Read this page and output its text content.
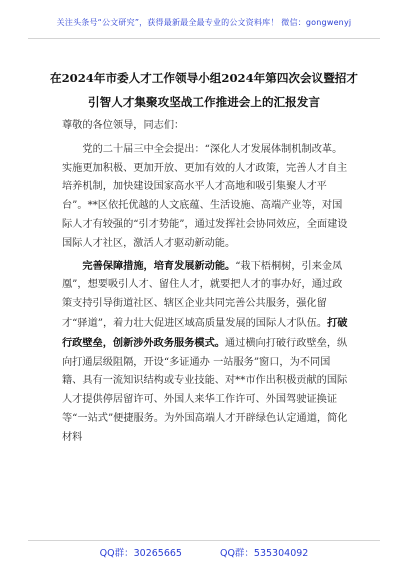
关注头条号“公文研究”，获得最新最全最专业的公文资料库！ 微信：gongwenyj
在2024年市委人才工作领导小组2024年第四次会议暨招才
引智人才集聚攻坚战工作推进会上的汇报发言

尊敬的各位领导，同志们：

党的二十届三中全会提出：“深化人才发展体制机制改革。实施更加积极、更加开放、更加有效的人才政策，完善人才自主培养机制，加快建设国家高水平人才高地和吸引集聚人才平台”。**区依托优越的人文底蕴、生活设施、高端产业等，对国际人才有较强的“引才势能”，通过发挥社会协同效应，全面建设国际人才社区，激活人才驱动新动能。

完善保障措施，培育发展新动能。“栽下梧桐树，引来金凤凰”，想要吸引人才、留住人才，就要把人才的事办好，通过政策支持引导街道社区、辖区企业共同完善公共服务，强化留才“驿道”，着力壮大促进区域高质量发展的国际人才队伍。打破行政壁垒，创新涉外政务服务模式。通过横向打破行政壁垒，纵向打通层级阻隔，开设“多证通办 一站服务”窗口，为不同国籍、具有一流知识结构或专业技能、对**市作出积极贡献的国际人才提供停居留许可、外国人来华工作许可、外国驾驶证换证等“一站式”便捷服务。为外国高端人才开辟绿色认定通道，简化材料

QQ群：30265665	QQ群：535304092
